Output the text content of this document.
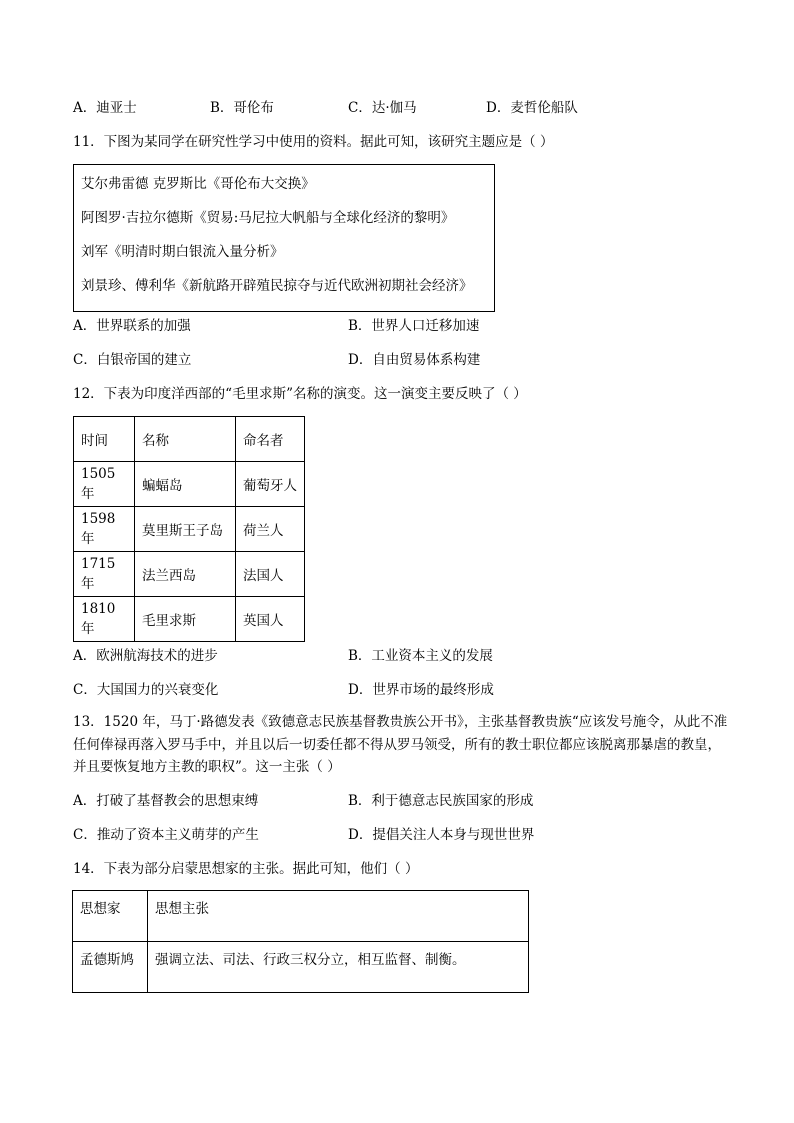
A．迪亚士	B．哥伦布	C．达·伽马	D．麦哲伦船队
11．下图为某同学在研究性学习中使用的资料。据此可知，该研究主题应是（ ）
艾尔弗雷德 克罗斯比《哥伦布大交换》
阿图罗·吉拉尔德斯《贸易:马尼拉大帆船与全球化经济的黎明》
刘军《明清时期白银流入量分析》
刘景珍、傅利华《新航路开辟殖民掠夺与近代欧洲初期社会经济》
A．世界联系的加强	B．世界人口迁移加速
C．白银帝国的建立	D．自由贸易体系构建
12．下表为印度洋西部的“毛里求斯”名称的演变。这一演变主要反映了（ ）
时间	名称	命名者
1505 年	蝙蝠岛	葡萄牙人
1598 年	莫里斯王子岛	荷兰人
1715 年	法兰西岛	法国人
1810 年	毛里求斯	英国人
A．欧洲航海技术的进步	B．工业资本主义的发展
C．大国国力的兴衰变化	D．世界市场的最终形成
13．1520 年，马丁·路德发表《致德意志民族基督教贵族公开书》，主张基督教贵族“应该发号施令，从此不准任何俸禄再落入罗马手中，并且以后一切委任都不得从罗马领受，所有的教士职位都应该脱离那暴虐的教皇，并且要恢复地方主教的职权”。这一主张（ ）
A．打破了基督教会的思想束缚	B．利于德意志民族国家的形成
C．推动了资本主义萌芽的产生	D．提倡关注人本身与现世世界
14．下表为部分启蒙思想家的主张。据此可知，他们（ ）
思想家	思想主张
孟德斯鸠	强调立法、司法、行政三权分立，相互监督、制衡。
